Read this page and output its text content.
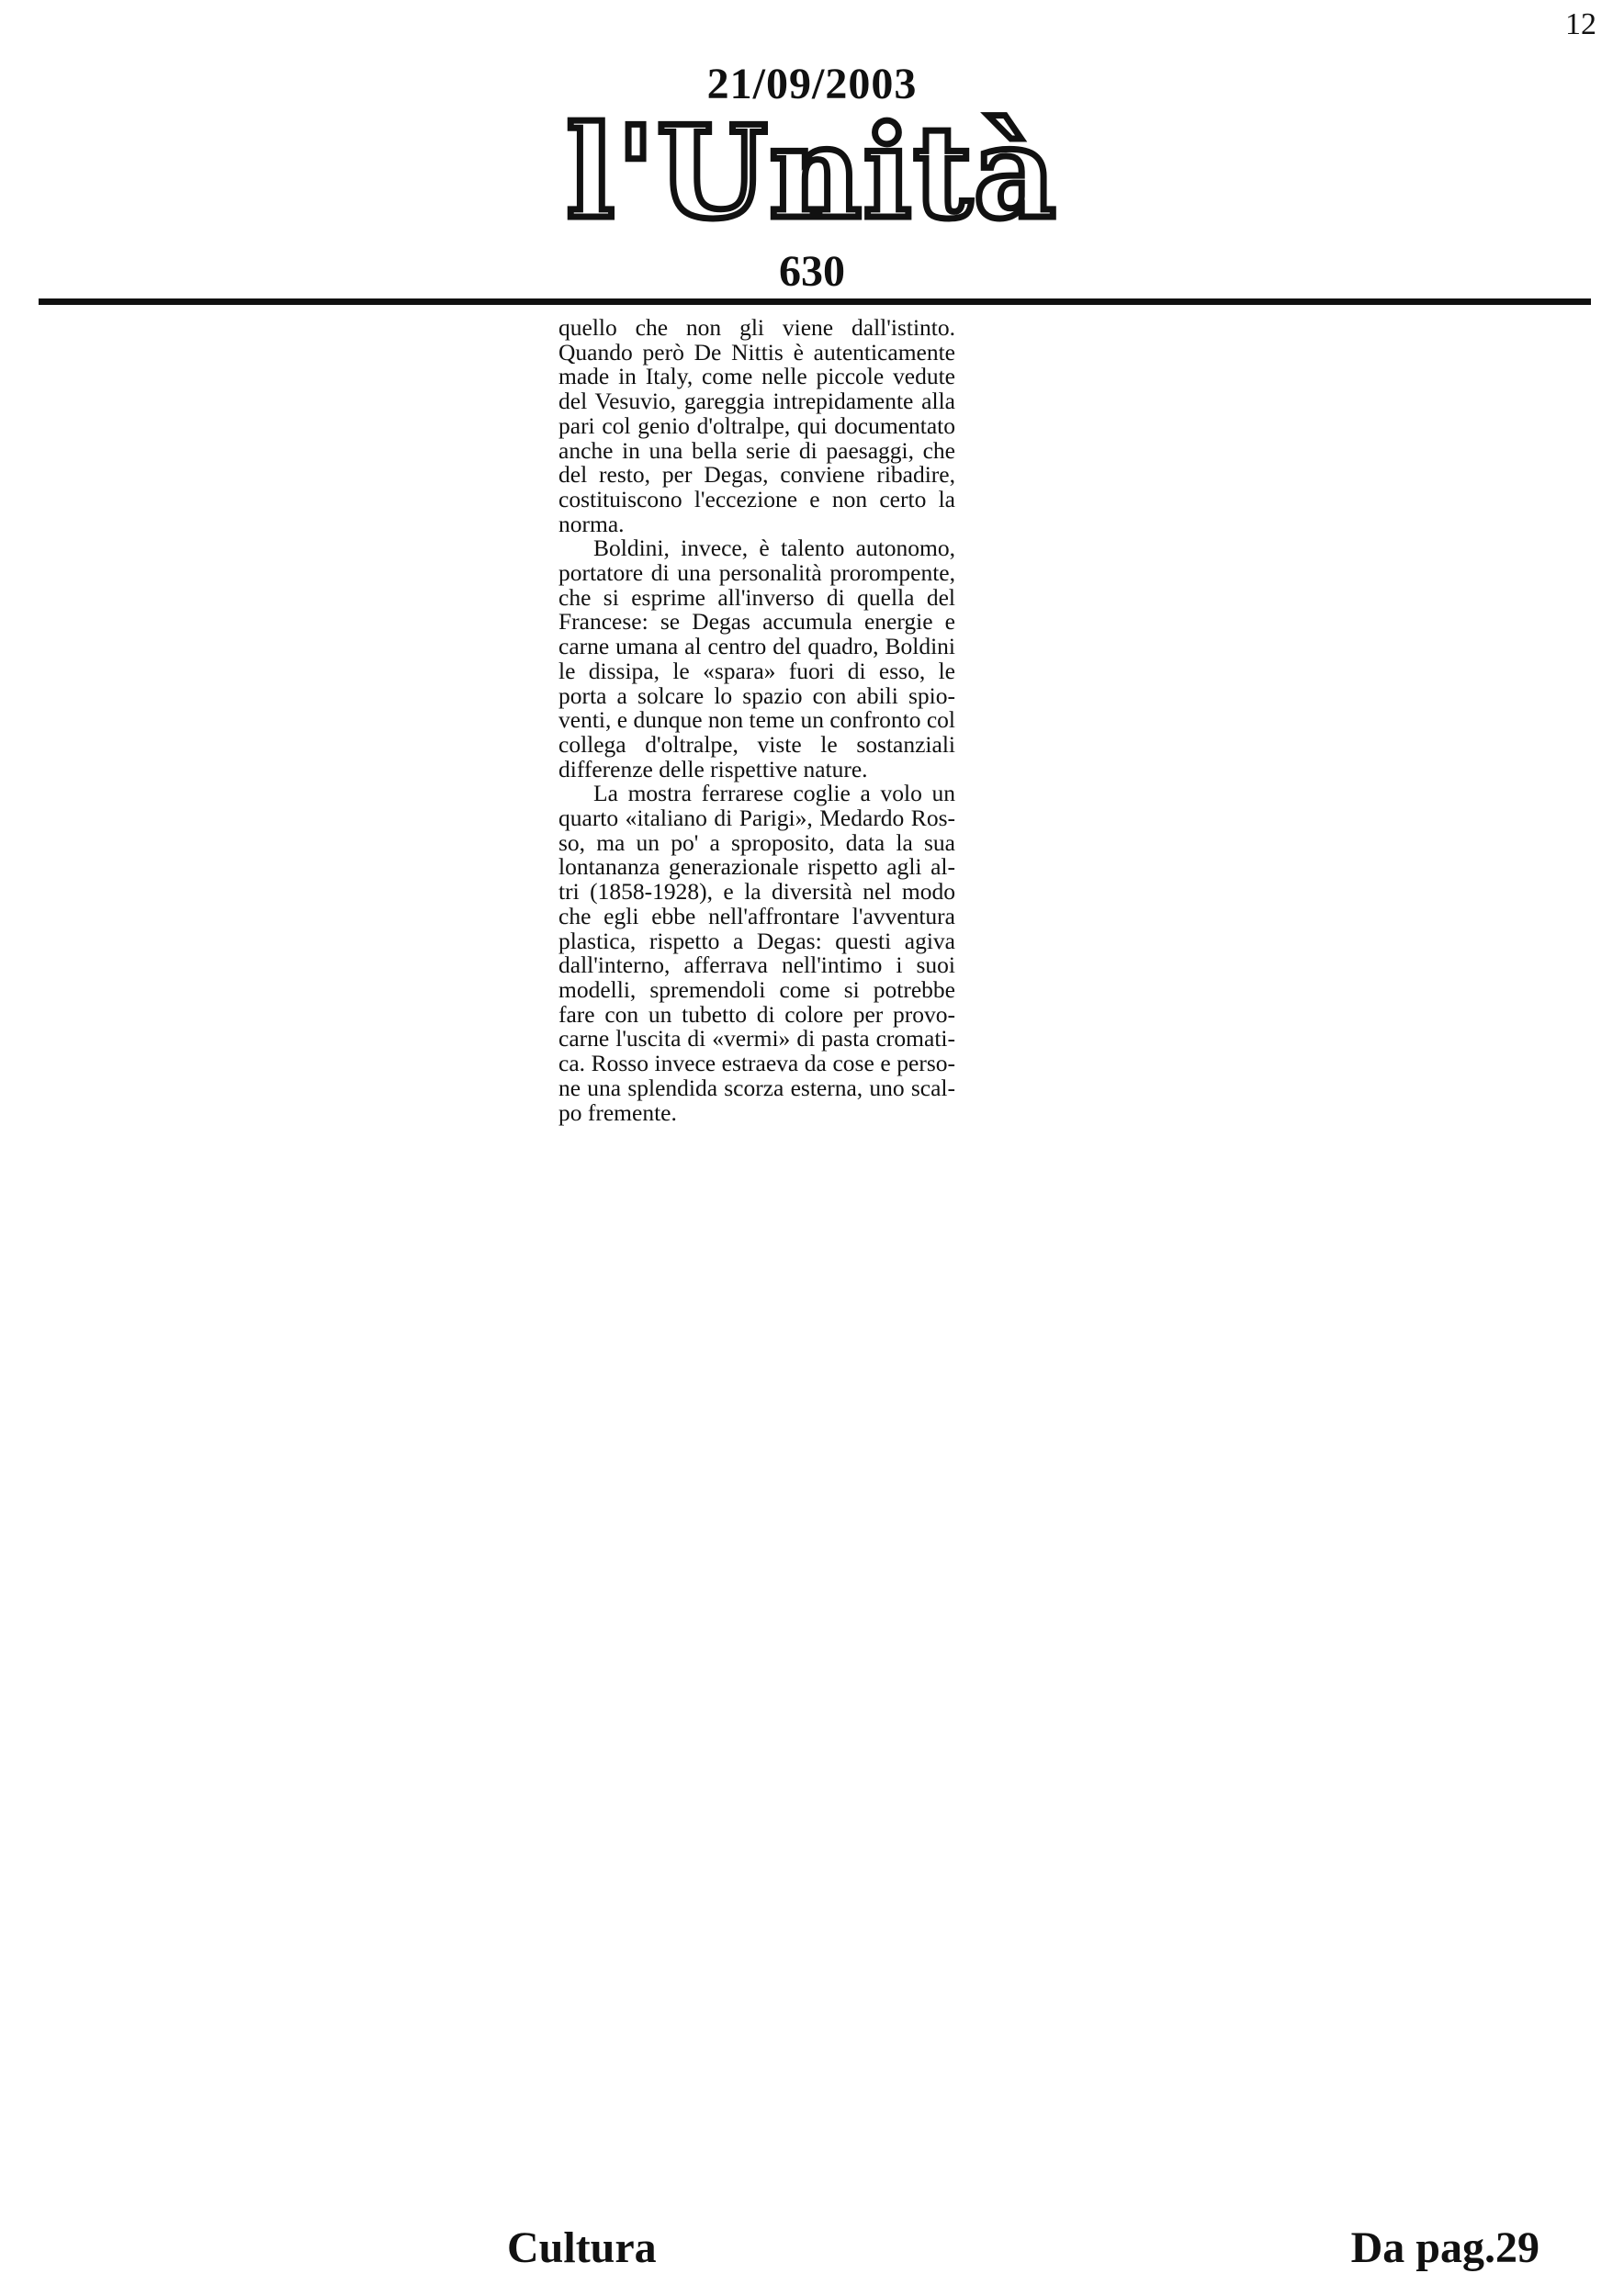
12
21/09/2003
l'Unità
630

quello che non gli viene dall'istinto. Quando però De Nittis è autenticamente made in Italy, come nelle piccole vedute del Vesuvio, gareggia intrepidamente alla pari col genio d'oltralpe, qui documentato anche in una bella serie di paesaggi, che del resto, per Degas, conviene ribadire, costituiscono l'eccezione e non certo la norma.

Boldini, invece, è talento autonomo, portatore di una personalità prorompente, che si esprime all'inverso di quella del Francese: se Degas accumula energie e carne umana al centro del quadro, Boldini le dissipa, le «spara» fuori di esso, le porta a solcare lo spazio con abili spioventi, e dunque non teme un confronto col collega d'oltralpe, viste le sostanziali differenze delle rispettive nature.

La mostra ferrarese coglie a volo un quarto «italiano di Parigi», Medardo Rosso, ma un po' a sproposito, data la sua lontananza generazionale rispetto agli altri (1858-1928), e la diversità nel modo che egli ebbe nell'affrontare l'avventura plastica, rispetto a Degas: questi agiva dall'interno, afferrava nell'intimo i suoi modelli, spremendoli come si potrebbe fare con un tubetto di colore per provocarne l'uscita di «vermi» di pasta cromatica. Rosso invece estraeva da cose e persone una splendida scorza esterna, uno scalpo fremente.

Cultura	Da pag.29
